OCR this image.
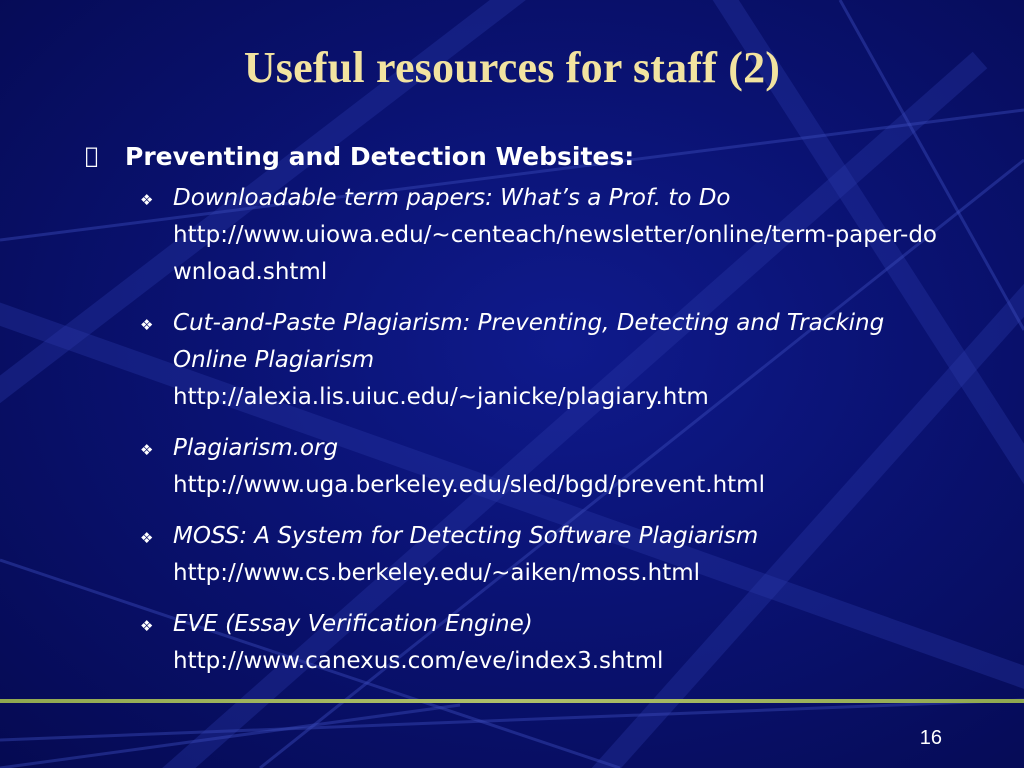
Useful resources for staff (2)
Preventing and Detection Websites:
❖ Downloadable term papers: What’s a Prof. to Do
http://www.uiowa.edu/~centeach/newsletter/online/term-paper-download.shtml
❖ Cut-and-Paste Plagiarism: Preventing, Detecting and Tracking Online Plagiarism
http://alexia.lis.uiuc.edu/~janicke/plagiary.htm
❖ Plagiarism.org
http://www.uga.berkeley.edu/sled/bgd/prevent.html
❖ MOSS: A System for Detecting Software Plagiarism
http://www.cs.berkeley.edu/~aiken/moss.html
❖ EVE (Essay Verification Engine)
http://www.canexus.com/eve/index3.shtml
16
